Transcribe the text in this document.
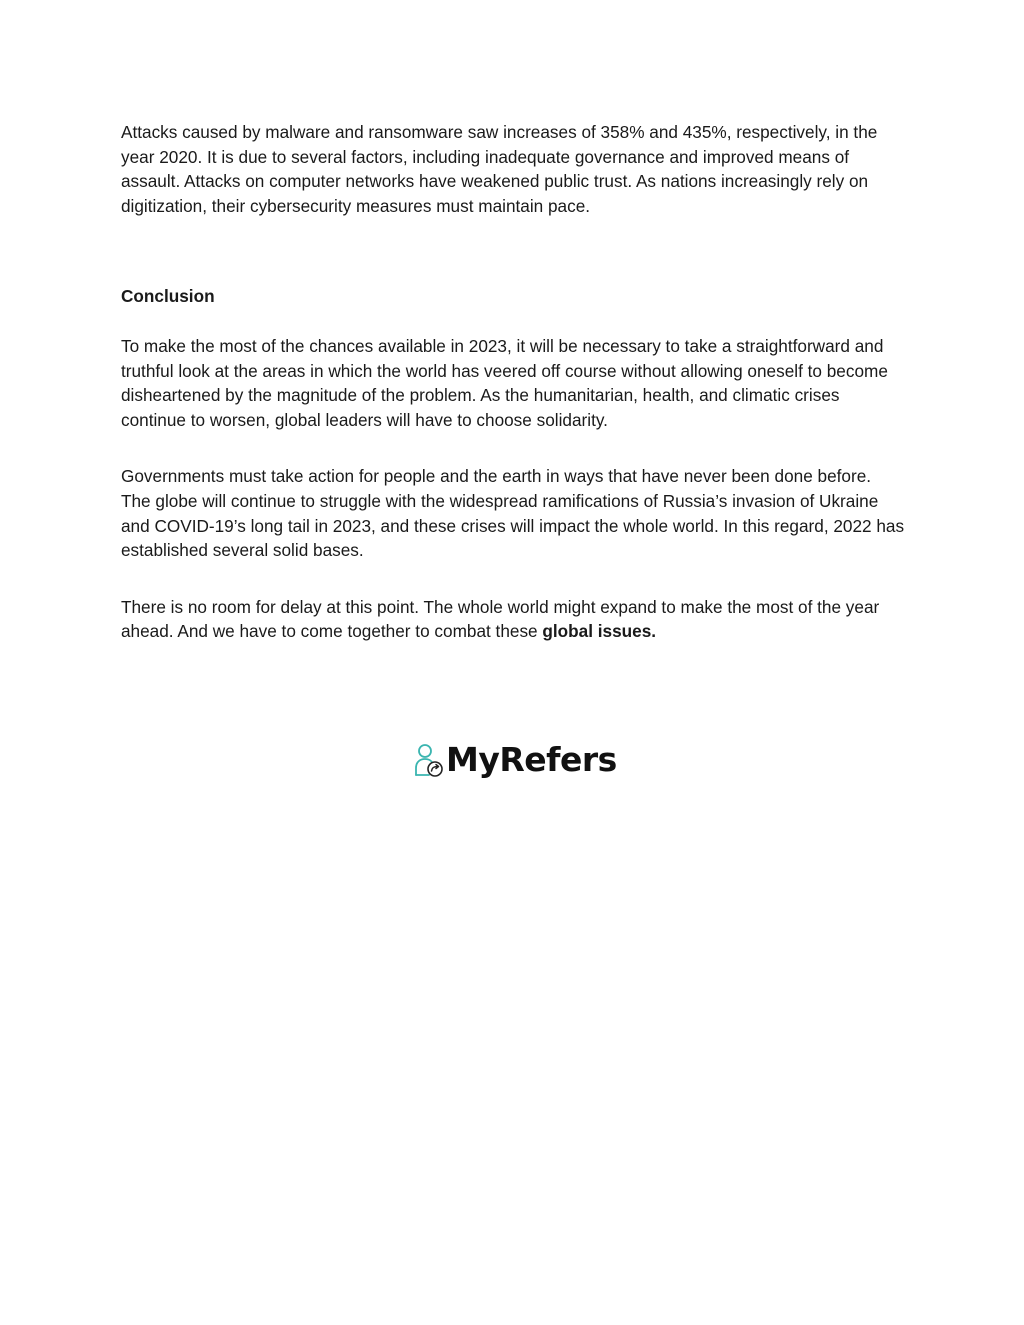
Attacks caused by malware and ransomware saw increases of 358% and 435%, respectively, in the year 2020. It is due to several factors, including inadequate governance and improved means of assault. Attacks on computer networks have weakened public trust. As nations increasingly rely on digitization, their cybersecurity measures must maintain pace.

Conclusion

To make the most of the chances available in 2023, it will be necessary to take a straightforward and truthful look at the areas in which the world has veered off course without allowing oneself to become disheartened by the magnitude of the problem. As the humanitarian, health, and climatic crises continue to worsen, global leaders will have to choose solidarity.

Governments must take action for people and the earth in ways that have never been done before. The globe will continue to struggle with the widespread ramifications of Russia’s invasion of Ukraine and COVID-19’s long tail in 2023, and these crises will impact the whole world. In this regard, 2022 has established several solid bases.

There is no room for delay at this point. The whole world might expand to make the most of the year ahead. And we have to come together to combat these global issues.

MyRefers
